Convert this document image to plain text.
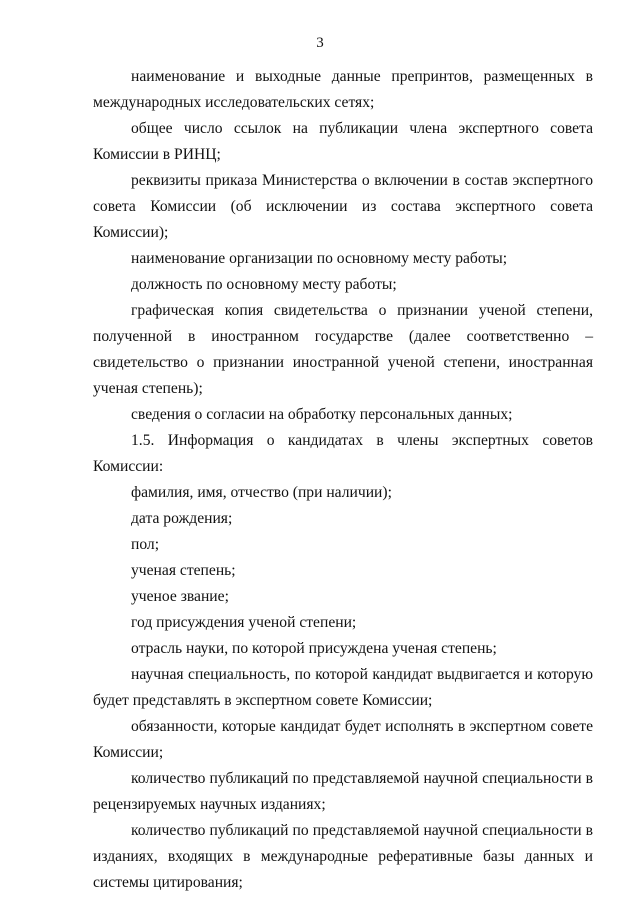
3

наименование и выходные данные препринтов, размещенных в международных исследовательских сетях;

общее число ссылок на публикации члена экспертного совета Комиссии в РИНЦ;

реквизиты приказа Министерства о включении в состав экспертного совета Комиссии (об исключении из состава экспертного совета Комиссии);

наименование организации по основному месту работы;

должность по основному месту работы;

графическая копия свидетельства о признании ученой степени, полученной в иностранном государстве (далее соответственно – свидетельство о признании иностранной ученой степени, иностранная ученая степень);

сведения о согласии на обработку персональных данных;

1.5. Информация о кандидатах в члены экспертных советов Комиссии:

фамилия, имя, отчество (при наличии);

дата рождения;

пол;

ученая степень;

ученое звание;

год присуждения ученой степени;

отрасль науки, по которой присуждена ученая степень;

научная специальность, по которой кандидат выдвигается и которую будет представлять в экспертном совете Комиссии;

обязанности, которые кандидат будет исполнять в экспертном совете Комиссии;

количество публикаций по представляемой научной специальности в рецензируемых научных изданиях;

количество публикаций по представляемой научной специальности в изданиях, входящих в международные реферативные базы данных и системы цитирования;
